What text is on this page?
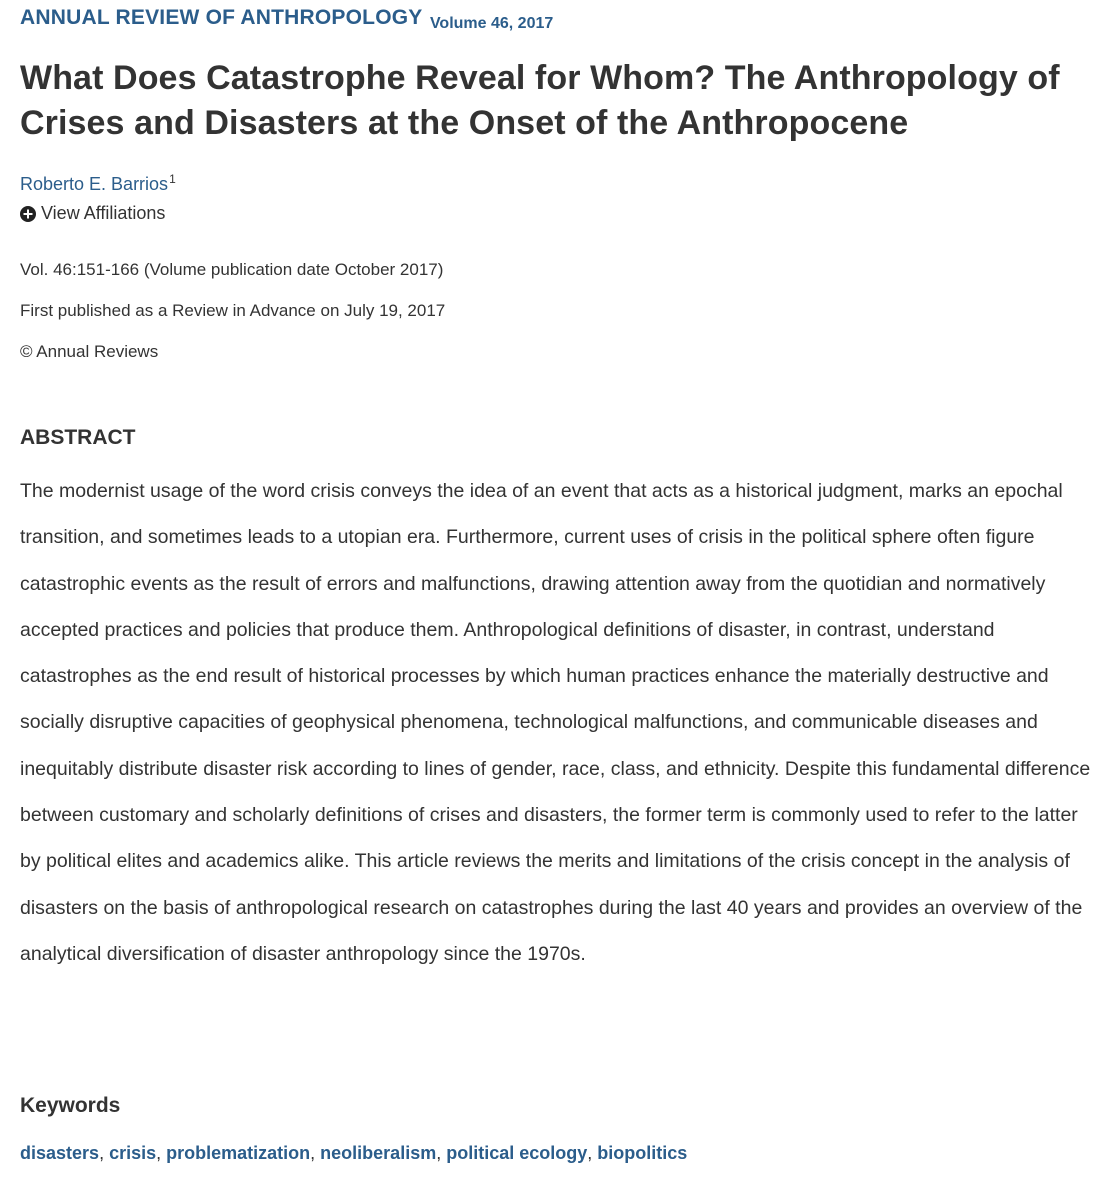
ANNUAL REVIEW OF ANTHROPOLOGY Volume 46, 2017
What Does Catastrophe Reveal for Whom? The Anthropology of Crises and Disasters at the Onset of the Anthropocene
Roberto E. Barrios$^1$
View Affiliations
Vol. 46:151-166 (Volume publication date October 2017)
First published as a Review in Advance on July 19, 2017
© Annual Reviews
ABSTRACT

The modernist usage of the word crisis conveys the idea of an event that acts as a historical judgment, marks an epochal transition, and sometimes leads to a utopian era. Furthermore, current uses of crisis in the political sphere often figure catastrophic events as the result of errors and malfunctions, drawing attention away from the quotidian and normatively accepted practices and policies that produce them. Anthropological definitions of disaster, in contrast, understand catastrophes as the end result of historical processes by which human practices enhance the materially destructive and socially disruptive capacities of geophysical phenomena, technological malfunctions, and communicable diseases and inequitably distribute disaster risk according to lines of gender, race, class, and ethnicity. Despite this fundamental difference between customary and scholarly definitions of crises and disasters, the former term is commonly used to refer to the latter by political elites and academics alike. This article reviews the merits and limitations of the crisis concept in the analysis of disasters on the basis of anthropological research on catastrophes during the last 40 years and provides an overview of the analytical diversification of disaster anthropology since the 1970s.

Keywords
disasters, crisis, problematization, neoliberalism, political ecology, biopolitics
